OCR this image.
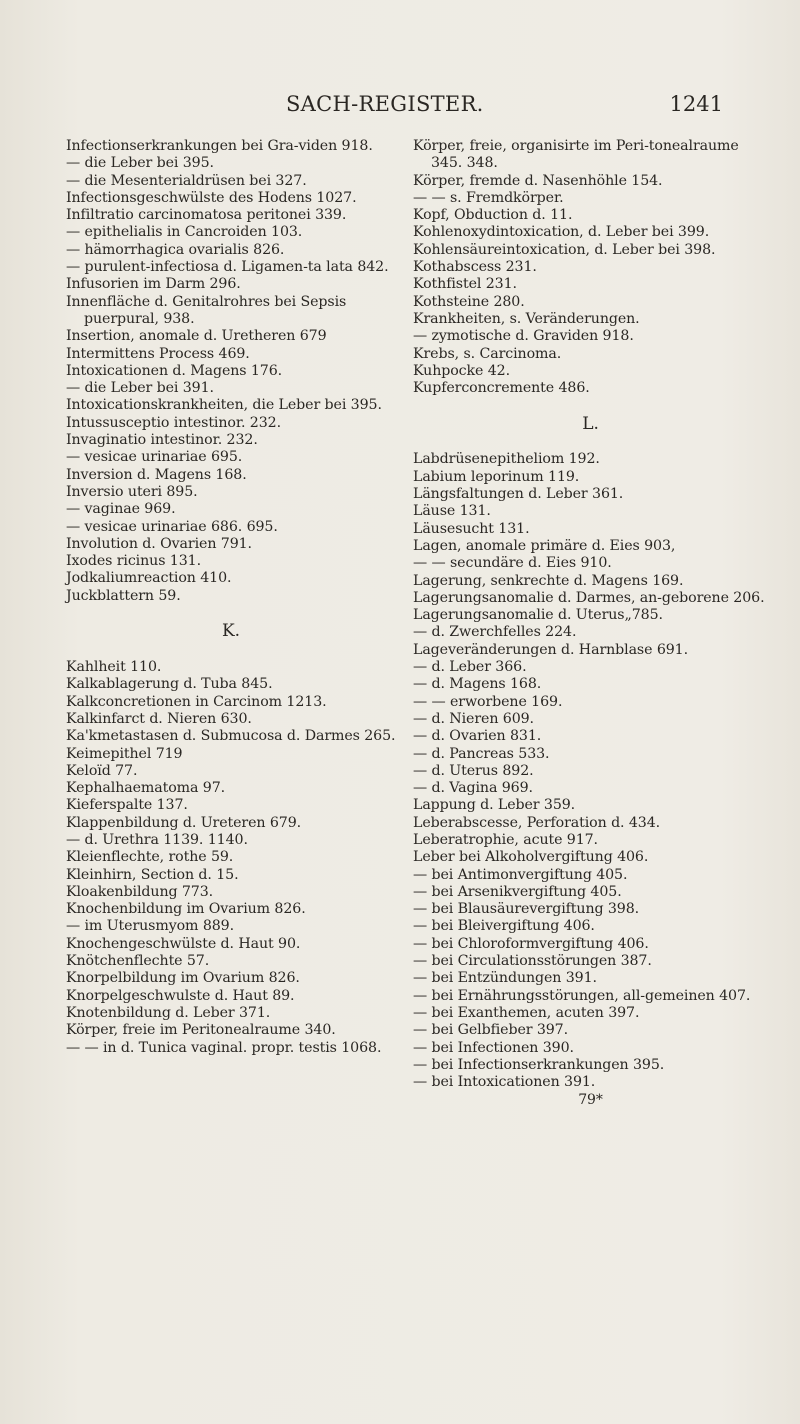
SACH-REGISTER.	1241
Infectionserkrankungen bei Gra-viden 918.
— die Leber bei 395.
— die Mesenterialdrüsen bei 327.
Infectionsgeschwülste des Hodens 1027.
Infiltratio carcinomatosa peritonei 339.
— epithelialis in Cancroiden 103.
— hämorrhagica ovarialis 826.
— purulent-infectiosa d. Ligamen-ta lata 842.
Infusorien im Darm 296.
Innenfläche d. Genitalrohres bei Sepsis puerpural, 938.
Insertion, anomale d. Uretheren 679
Intermittens Process 469.
Intoxicationen d. Magens 176.
— die Leber bei 391.
Intoxicationskrankheiten, die Leber bei 395.
Intussusceptio intestinor. 232.
Invaginatio intestinor. 232.
— vesicae urinariae 695.
Inversion d. Magens 168.
Inversio uteri 895.
— vaginae 969.
— vesicae urinariae 686. 695.
Involution d. Ovarien 791.
Ixodes ricinus 131.
Jodkaliumreaction 410.
Juckblattern 59.
K.
Kahlheit 110.
Kalkablagerung d. Tuba 845.
Kalkconcretionen in Carcinom 1213.
Kalkinfarct d. Nieren 630.
Ka'kmetastasen d. Submucosa d. Darmes 265.
Keimepithel 719
Keloïd 77.
Kephalhaematoma 97.
Kieferspalte 137.
Klappenbildung d. Ureteren 679.
— d. Urethra 1139. 1140.
Kleienflechte, rothe 59.
Kleinhirn, Section d. 15.
Kloakenbildung 773.
Knochenbildung im Ovarium 826.
— im Uterusmyom 889.
Knochengeschwülste d. Haut 90.
Knötchenflechte 57.
Knorpelbildung im Ovarium 826.
Knorpelgeschwulste d. Haut 89.
Knotenbildung d. Leber 371.
Körper, freie im Peritonealraume 340.
— — in d. Tunica vaginal. propr. testis 1068.
Körper, freie, organisirte im Peri-tonealraume 345. 348.
Körper, fremde d. Nasenhöhle 154.
— — s. Fremdkörper.
Kopf, Obduction d. 11.
Kohlenoxydintoxication, d. Leber bei 399.
Kohlensäureintoxication, d. Leber bei 398.
Kothabscess 231.
Kothfistel 231.
Kothsteine 280.
Krankheiten, s. Veränderungen.
— zymotische d. Graviden 918.
Krebs, s. Carcinoma.
Kuhpocke 42.
Kupferconcremente 486.
L.
Labdrüsenepitheliom 192.
Labium leporinum 119.
Längsfaltungen d. Leber 361.
Läuse 131.
Läusesucht 131.
Lagen, anomale primäre d. Eies 903,
— — secundäre d. Eies 910.
Lagerung, senkrechte d. Magens 169.
Lagerungsanomalie d. Darmes, an-geborene 206.
Lagerungsanomalie d. Uterus„785.
— d. Zwerchfelles 224.
Lageveränderungen d. Harnblase 691.
— d. Leber 366.
— d. Magens 168.
— — erworbene 169.
— d. Nieren 609.
— d. Ovarien 831.
— d. Pancreas 533.
— d. Uterus 892.
— d. Vagina 969.
Lappung d. Leber 359.
Leberabscesse, Perforation d. 434.
Leberatrophie, acute 917.
Leber bei Alkoholvergiftung 406.
— bei Antimonvergiftung 405.
— bei Arsenikvergiftung 405.
— bei Blausäurevergiftung 398.
— bei Bleivergiftung 406.
— bei Chloroformvergiftung 406.
— bei Circulationsstörungen 387.
— bei Entzündungen 391.
— bei Ernährungsstörungen, all-gemeinen 407.
— bei Exanthemen, acuten 397.
— bei Gelbfieber 397.
— bei Infectionen 390.
— bei Infectionserkrankungen 395.
— bei Intoxicationen 391.
79*
